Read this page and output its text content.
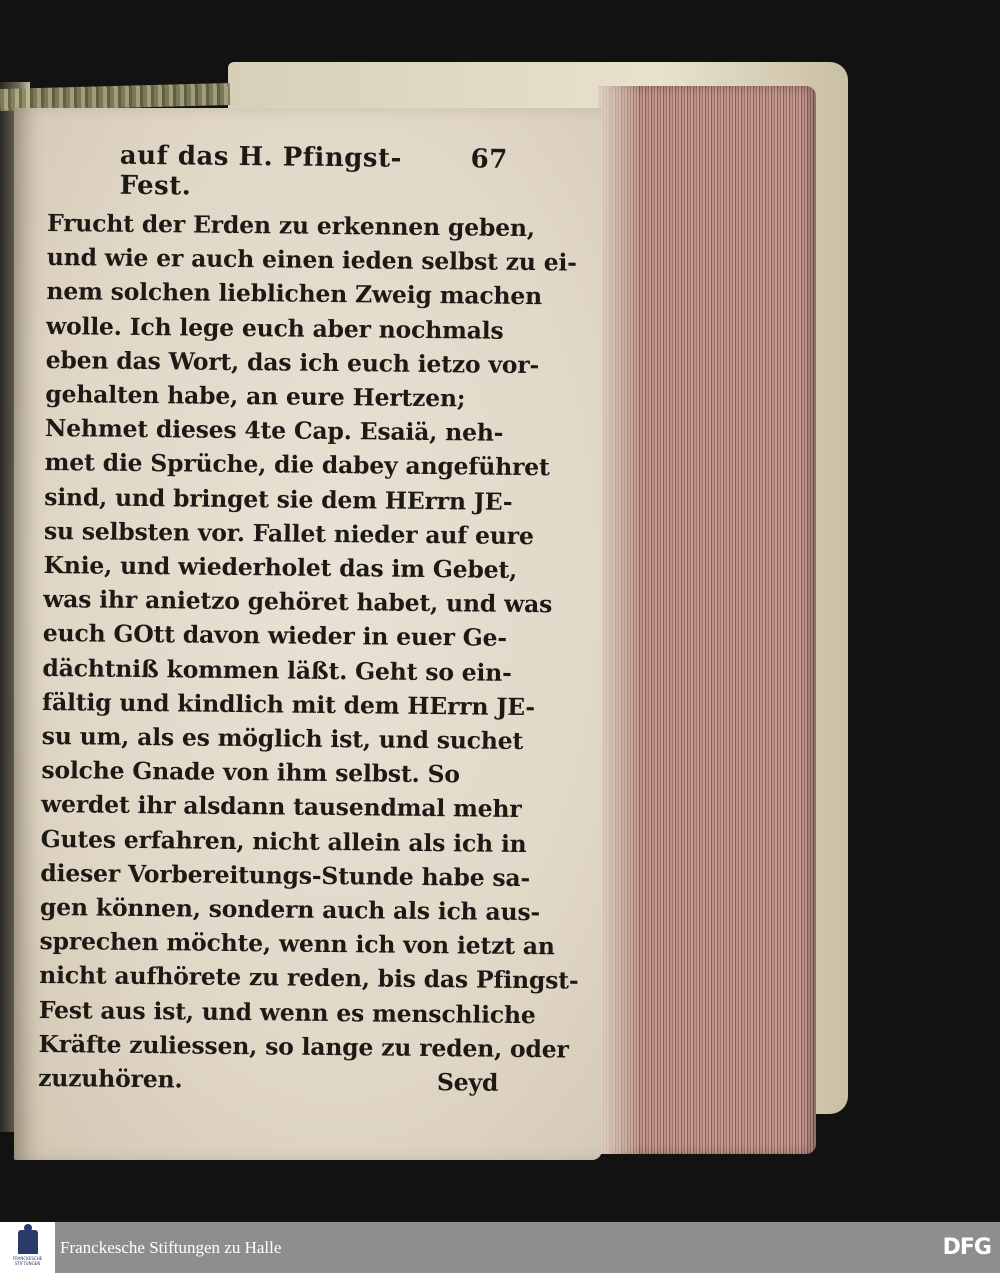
auf das H. Pfingst-Fest.
67
Frucht der Erden zu erkennen geben,
und wie er auch einen ieden selbst zu ei-
nem solchen lieblichen Zweig machen
wolle. Ich lege euch aber nochmals
eben das Wort, das ich euch ietzo vor-
gehalten habe, an eure Hertzen;
Nehmet dieses 4te Cap. Esaiä, neh-
met die Sprüche, die dabey angeführet
sind, und bringet sie dem HErrn JE-
su selbsten vor. Fallet nieder auf eure
Knie, und wiederholet das im Gebet,
was ihr anietzo gehöret habet, und was
euch GOtt davon wieder in euer Ge-
dächtniß kommen läßt. Geht so ein-
fältig und kindlich mit dem HErrn JE-
su um, als es möglich ist, und suchet
solche Gnade von ihm selbst. So
werdet ihr alsdann tausendmal mehr
Gutes erfahren, nicht allein als ich in
dieser Vorbereitungs-Stunde habe sa-
gen können, sondern auch als ich aus-
sprechen möchte, wenn ich von ietzt an
nicht aufhörete zu reden, bis das Pfingst-
Fest aus ist, und wenn es menschliche
Kräfte zuliessen, so lange zu reden, oder
zuzuhören.	Seyd
FRANCKESCHE STIFTUNGEN
Franckesche Stiftungen zu Halle	DFG
